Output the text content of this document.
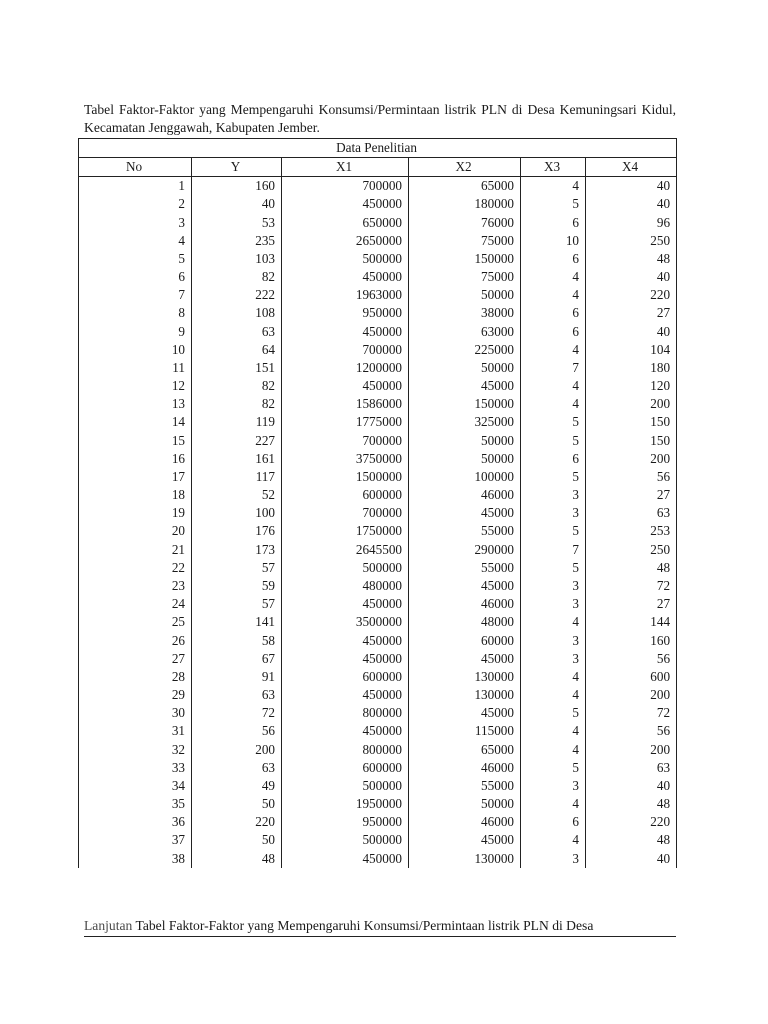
Tabel Faktor-Faktor yang Mempengaruhi Konsumsi/Permintaan listrik PLN di Desa Kemuningsari Kidul, Kecamatan Jenggawah, Kabupaten Jember.

Data Penelitian					
No	Y	X1	X2	X3	X4
1	160	700000	65000	4	40
2	40	450000	180000	5	40
3	53	650000	76000	6	96
4	235	2650000	75000	10	250
5	103	500000	150000	6	48
6	82	450000	75000	4	40
7	222	1963000	50000	4	220
8	108	950000	38000	6	27
9	63	450000	63000	6	40
10	64	700000	225000	4	104
11	151	1200000	50000	7	180
12	82	450000	45000	4	120
13	82	1586000	150000	4	200
14	119	1775000	325000	5	150
15	227	700000	50000	5	150
16	161	3750000	50000	6	200
17	117	1500000	100000	5	56
18	52	600000	46000	3	27
19	100	700000	45000	3	63
20	176	1750000	55000	5	253
21	173	2645500	290000	7	250
22	57	500000	55000	5	48
23	59	480000	45000	3	72
24	57	450000	46000	3	27
25	141	3500000	48000	4	144
26	58	450000	60000	3	160
27	67	450000	45000	3	56
28	91	600000	130000	4	600
29	63	450000	130000	4	200
30	72	800000	45000	5	72
31	56	450000	115000	4	56
32	200	800000	65000	4	200
33	63	600000	46000	5	63
34	49	500000	55000	3	40
35	50	1950000	50000	4	48
36	220	950000	46000	6	220
37	50	500000	45000	4	48
38	48	450000	130000	3	40
Lanjutan Tabel Faktor-Faktor yang Mempengaruhi Konsumsi/Permintaan listrik PLN di Desa
